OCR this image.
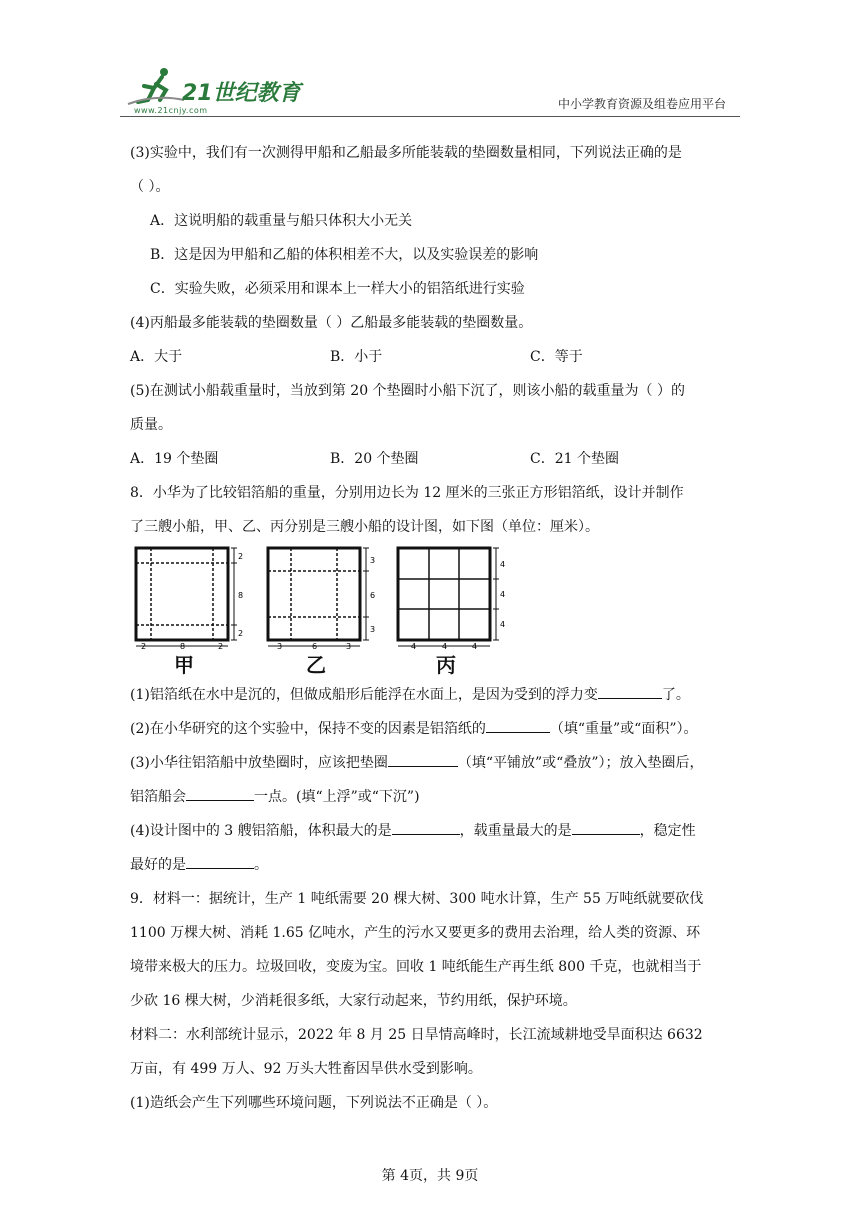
21世纪教育
www.21cnjy.com	中小学教育资源及组卷应用平台
(3)实验中，我们有一次测得甲船和乙船最多所能装载的垫圈数量相同，下列说法正确的是
（ ）。
A．这说明船的载重量与船只体积大小无关
B．这是因为甲船和乙船的体积相差不大，以及实验误差的影响
C．实验失败，必须采用和课本上一样大小的铝箔纸进行实验
(4)丙船最多能装载的垫圈数量（ ）乙船最多能装载的垫圈数量。
A．大于	B．小于	C．等于
(5)在测试小船载重量时，当放到第 20 个垫圈时小船下沉了，则该小船的载重量为（ ）的
质量。
A．19 个垫圈	B．20 个垫圈	C．21 个垫圈
8．小华为了比较铝箔船的重量，分别用边长为 12 厘米的三张正方形铝箔纸，设计并制作
了三艘小船，甲、乙、丙分别是三艘小船的设计图，如下图（单位：厘米）。
2
8
2
2	8	2
甲
3
6
3
3	6	3
乙
4
4
4
4	4	4
丙
(1)铝箔纸在水中是沉的，但做成船形后能浮在水面上，是因为受到的浮力变	了。
(2)在小华研究的这个实验中，保持不变的因素是铝箔纸的	（填“重量”或“面积”）。
(3)小华往铝箔船中放垫圈时，应该把垫圈	（填“平铺放”或“叠放”）；放入垫圈后，
铝箔船会	一点。(填“上浮”或“下沉”)
(4)设计图中的 3 艘铝箔船，体积最大的是	，载重量最大的是	，稳定性
最好的是	。
9．材料一：据统计，生产 1 吨纸需要 20 棵大树、300 吨水计算，生产 55 万吨纸就要砍伐
1100 万棵大树、消耗 1.65 亿吨水，产生的污水又要更多的费用去治理，给人类的资源、环
境带来极大的压力。垃圾回收，变废为宝。回收 1 吨纸能生产再生纸 800 千克，也就相当于
少砍 16 棵大树，少消耗很多纸，大家行动起来，节约用纸，保护环境。
材料二：水利部统计显示，2022 年 8 月 25 日旱情高峰时，长江流域耕地受旱面积达 6632
万亩，有 499 万人、92 万头大牲畜因旱供水受到影响。
(1)造纸会产生下列哪些环境问题，下列说法不正确是（ ）。
第 4页，共 9页
